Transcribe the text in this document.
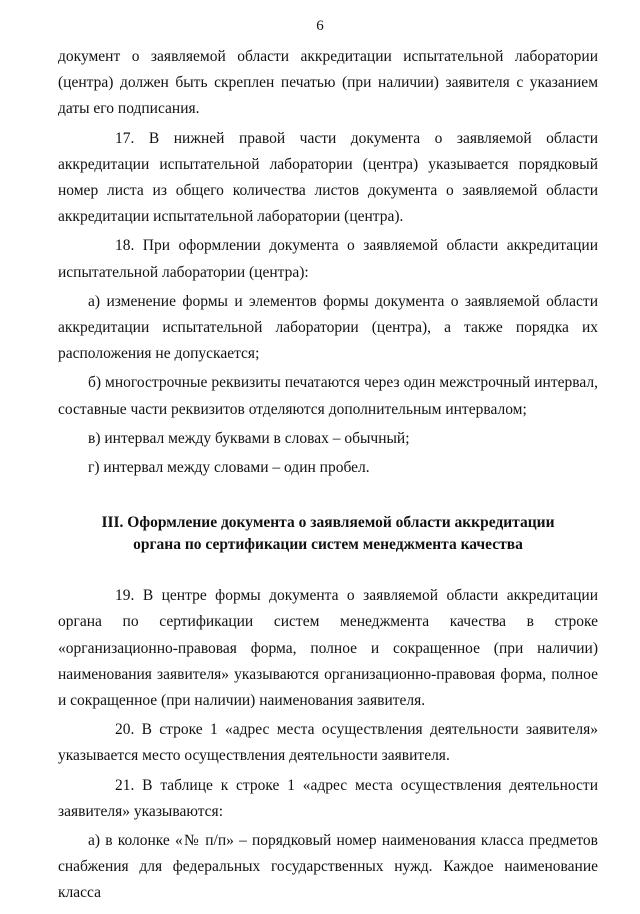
6

документ о заявляемой области аккредитации испытательной лаборатории (центра) должен быть скреплен печатью (при наличии) заявителя с указанием даты его подписания.

17. В нижней правой части документа о заявляемой области аккредитации испытательной лаборатории (центра) указывается порядковый номер листа из общего количества листов документа о заявляемой области аккредитации испытательной лаборатории (центра).

18. При оформлении документа о заявляемой области аккредитации испытательной лаборатории (центра):

а) изменение формы и элементов формы документа о заявляемой области аккредитации испытательной лаборатории (центра), а также порядка их расположения не допускается;

б) многострочные реквизиты печатаются через один межстрочный интервал, составные части реквизитов отделяются дополнительным интервалом;

в) интервал между буквами в словах – обычный;

г) интервал между словами – один пробел.

III. Оформление документа о заявляемой области аккредитации
органа по сертификации систем менеджмента качества

19. В центре формы документа о заявляемой области аккредитации органа по сертификации систем менеджмента качества в строке «организационно-правовая форма, полное и сокращенное (при наличии) наименования заявителя» указываются организационно-правовая форма, полное и сокращенное (при наличии) наименования заявителя.

20. В строке 1 «адрес места осуществления деятельности заявителя» указывается место осуществления деятельности заявителя.

21. В таблице к строке 1 «адрес места осуществления деятельности заявителя» указываются:

а) в колонке «№ п/п» – порядковый номер наименования класса предметов снабжения для федеральных государственных нужд. Каждое наименование класса
